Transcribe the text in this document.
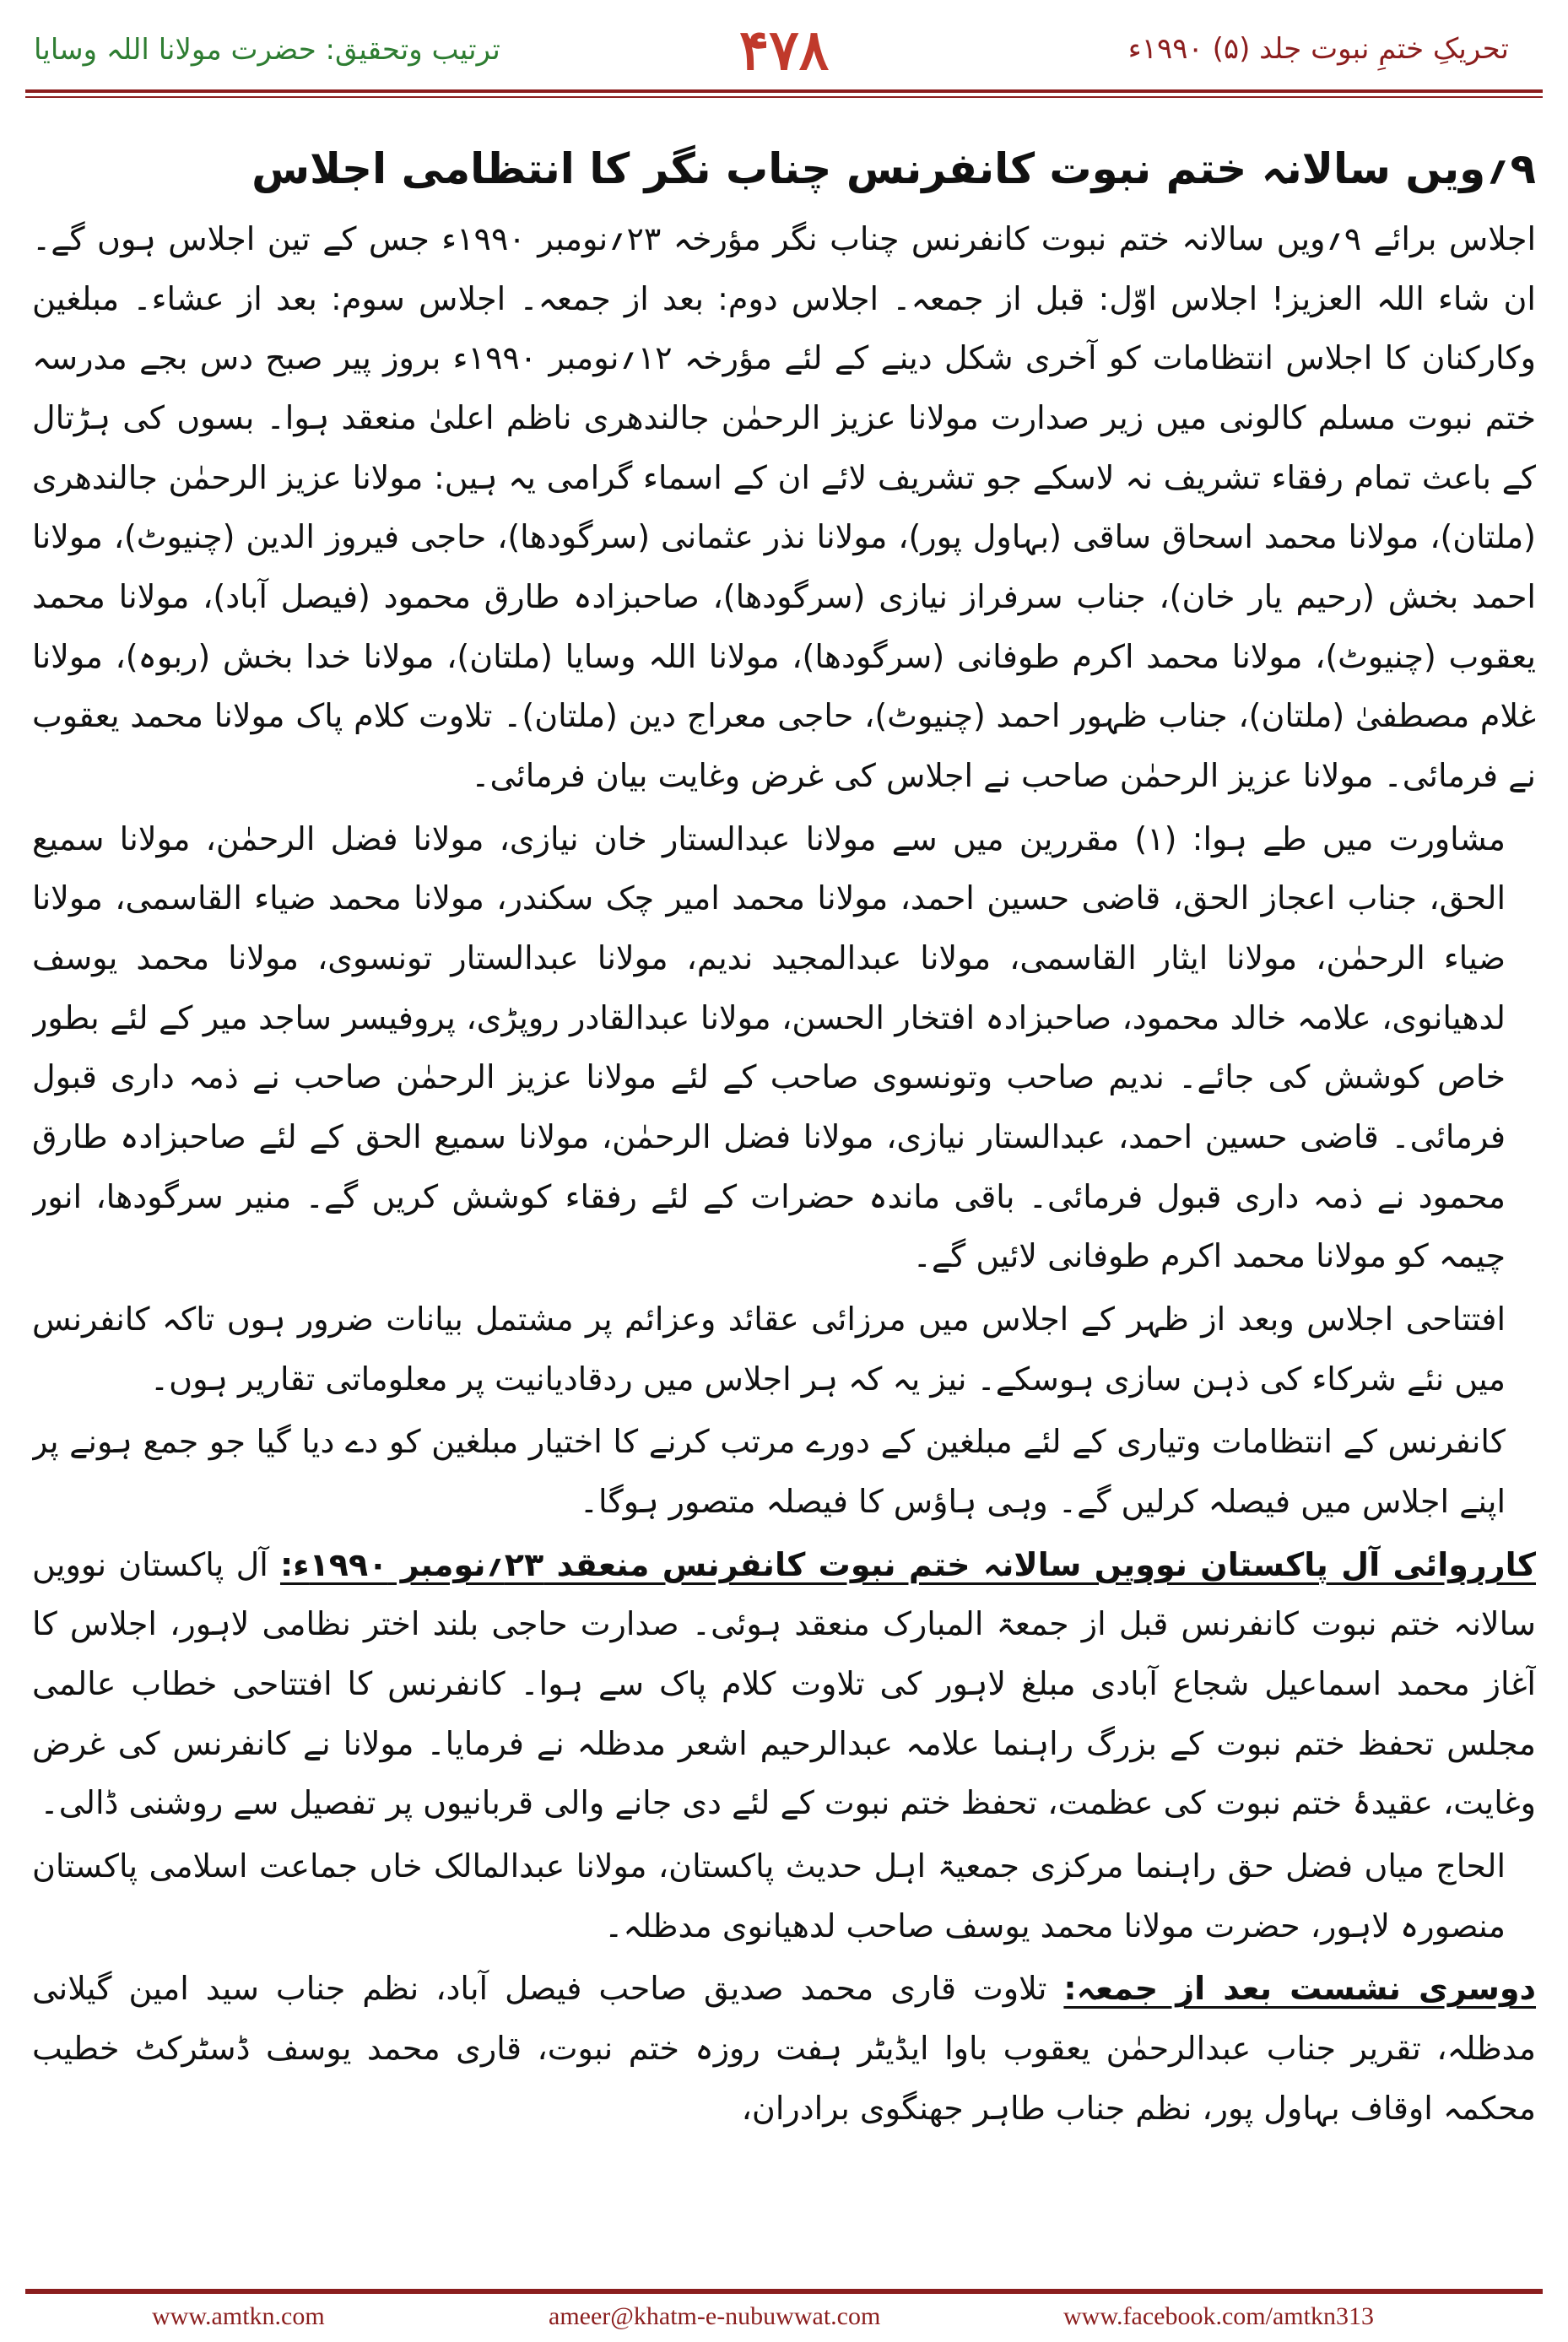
تحریکِ ختمِ نبوت جلد (۵) ۱۹۹۰ء
۴۷۸
ترتیب وتحقیق: حضرت مولانا اللہ وسایا
۹؍ویں سالانہ ختم نبوت کانفرنس چناب نگر کا انتظامی اجلاس

اجلاس برائے ۹؍ویں سالانہ ختم نبوت کانفرنس چناب نگر مؤرخہ ۲۳؍نومبر ۱۹۹۰ء جس کے تین اجلاس ہوں گے۔ ان شاء اللہ العزیز! اجلاس اوّل: قبل از جمعہ۔ اجلاس دوم: بعد از جمعہ۔ اجلاس سوم: بعد از عشاء۔ مبلغین وکارکنان کا اجلاس انتظامات کو آخری شکل دینے کے لئے مؤرخہ ۱۲؍نومبر ۱۹۹۰ء بروز پیر صبح دس بجے مدرسہ ختم نبوت مسلم کالونی میں زیر صدارت مولانا عزیز الرحمٰن جالندھری ناظم اعلیٰ منعقد ہوا۔ بسوں کی ہڑتال کے باعث تمام رفقاء تشریف نہ لاسکے جو تشریف لائے ان کے اسماء گرامی یہ ہیں: مولانا عزیز الرحمٰن جالندھری (ملتان)، مولانا محمد اسحاق ساقی (بہاول پور)، مولانا نذر عثمانی (سرگودھا)، حاجی فیروز الدین (چنیوٹ)، مولانا احمد بخش (رحیم یار خان)، جناب سرفراز نیازی (سرگودھا)، صاحبزادہ طارق محمود (فیصل آباد)، مولانا محمد یعقوب (چنیوٹ)، مولانا محمد اکرم طوفانی (سرگودھا)، مولانا اللہ وسایا (ملتان)، مولانا خدا بخش (ربوہ)، مولانا غلام مصطفیٰ (ملتان)، جناب ظہور احمد (چنیوٹ)، حاجی معراج دین (ملتان)۔ تلاوت کلام پاک مولانا محمد یعقوب نے فرمائی۔ مولانا عزیز الرحمٰن صاحب نے اجلاس کی غرض وغایت بیان فرمائی۔

مشاورت میں طے ہوا: (۱) مقررین میں سے مولانا عبدالستار خان نیازی، مولانا فضل الرحمٰن، مولانا سمیع الحق، جناب اعجاز الحق، قاضی حسین احمد، مولانا محمد امیر چک سکندر، مولانا محمد ضیاء القاسمی، مولانا ضیاء الرحمٰن، مولانا ایثار القاسمی، مولانا عبدالمجید ندیم، مولانا عبدالستار تونسوی، مولانا محمد یوسف لدھیانوی، علامہ خالد محمود، صاحبزادہ افتخار الحسن، مولانا عبدالقادر روپڑی، پروفیسر ساجد میر کے لئے بطور خاص کوشش کی جائے۔ ندیم صاحب وتونسوی صاحب کے لئے مولانا عزیز الرحمٰن صاحب نے ذمہ داری قبول فرمائی۔ قاضی حسین احمد، عبدالستار نیازی، مولانا فضل الرحمٰن، مولانا سمیع الحق کے لئے صاحبزادہ طارق محمود نے ذمہ داری قبول فرمائی۔ باقی ماندہ حضرات کے لئے رفقاء کوشش کریں گے۔ منیر سرگودھا، انور چیمہ کو مولانا محمد اکرم طوفانی لائیں گے۔

افتتاحی اجلاس وبعد از ظہر کے اجلاس میں مرزائی عقائد وعزائم پر مشتمل بیانات ضرور ہوں تاکہ کانفرنس میں نئے شرکاء کی ذہن سازی ہوسکے۔ نیز یہ کہ ہر اجلاس میں ردقادیانیت پر معلوماتی تقاریر ہوں۔

کانفرنس کے انتظامات وتیاری کے لئے مبلغین کے دورے مرتب کرنے کا اختیار مبلغین کو دے دیا گیا جو جمع ہونے پر اپنے اجلاس میں فیصلہ کرلیں گے۔ وہی ہاؤس کا فیصلہ متصور ہوگا۔

کارروائی آل پاکستان نوویں سالانہ ختم نبوت کانفرنس منعقد ۲۳؍نومبر ۱۹۹۰ء: آل پاکستان نوویں سالانہ ختم نبوت کانفرنس قبل از جمعۃ المبارک منعقد ہوئی۔ صدارت حاجی بلند اختر نظامی لاہور، اجلاس کا آغاز محمد اسماعیل شجاع آبادی مبلغ لاہور کی تلاوت کلام پاک سے ہوا۔ کانفرنس کا افتتاحی خطاب عالمی مجلس تحفظ ختم نبوت کے بزرگ راہنما علامہ عبدالرحیم اشعر مدظلہ نے فرمایا۔ مولانا نے کانفرنس کی غرض وغایت، عقیدۂ ختم نبوت کی عظمت، تحفظ ختم نبوت کے لئے دی جانے والی قربانیوں پر تفصیل سے روشنی ڈالی۔

الحاج میاں فضل حق راہنما مرکزی جمعیۃ اہل حدیث پاکستان، مولانا عبدالمالک خاں جماعت اسلامی پاکستان منصورہ لاہور، حضرت مولانا محمد یوسف صاحب لدھیانوی مدظلہ۔

دوسری نشست بعد از جمعہ: تلاوت قاری محمد صدیق صاحب فیصل آباد، نظم جناب سید امین گیلانی مدظلہ، تقریر جناب عبدالرحمٰن یعقوب باوا ایڈیٹر ہفت روزہ ختم نبوت، قاری محمد یوسف ڈسٹرکٹ خطیب محکمہ اوقاف بہاول پور، نظم جناب طاہر جھنگوی برادران،

www.amtkn.com	ameer@khatm-e-nubuwwat.com	www.facebook.com/amtkn313
